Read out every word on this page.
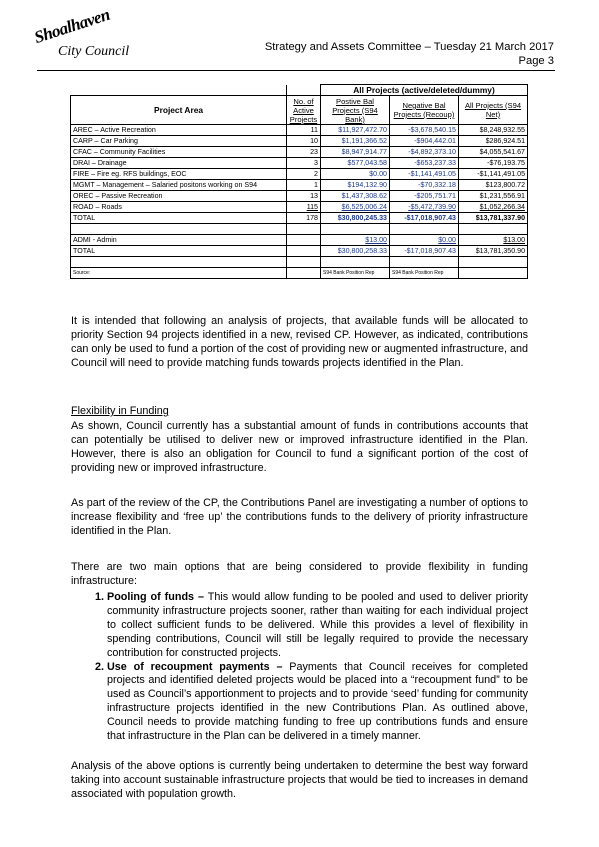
Shoalhaven
City Council	Strategy and Assets Committee – Tuesday 21 March 2017
Page 3
		All Projects (active/deleted/dummy)		
Project Area	No. of Active Projects	Postive Bal Projects (S94 Bank)	Negative Bal Projects (Recoup)	All Projects (S94 Net)
AREC – Active Recreation	11	$11,927,472.70	-$3,678,540.15	$8,248,932.55
CARP – Car Parking	10	$1,191,366.52	-$904,442.01	$286,924.51
CFAC – Community Facilities	23	$8,947,914.77	-$4,892,373.10	$4,055,541.67
DRAI – Drainage	3	$577,043.58	-$653,237.33	-$76,193.75
FIRE – Fire eg. RFS buildings, EOC	2	$0.00	-$1,141,491.05	-$1,141,491.05
MGMT – Management – Salaried positons working on S94	1	$194,132.90	-$70,332.18	$123,800.72
OREC – Passive Recreation	13	$1,437,308.62	-$205,751.71	$1,231,556.91
ROAD – Roads	115	$6,525,006.24	-$5,472,739.90	$1,052,266.34
TOTAL	178	$30,800,245.33	-$17,018,907.43	$13,781,337.90

ADMI - Admin		$13.00	$0.00	$13.00
TOTAL		$30,800,258.33	-$17,018,907.43	$13,781,350.90

Source:		S94 Bank Position Rep	S94 Bank Position Rep	
It is intended that following an analysis of projects, that available funds will be allocated to priority Section 94 projects identified in a new, revised CP. However, as indicated, contributions can only be used to fund a portion of the cost of providing new or augmented infrastructure, and Council will need to provide matching funds towards projects identified in the Plan.
Flexibility in Funding
As shown, Council currently has a substantial amount of funds in contributions accounts that can potentially be utilised to deliver new or improved infrastructure identified in the Plan. However, there is also an obligation for Council to fund a significant portion of the cost of providing new or improved infrastructure.
As part of the review of the CP, the Contributions Panel are investigating a number of options to increase flexibility and ‘free up’ the contributions funds to the delivery of priority infrastructure identified in the Plan.
There are two main options that are being considered to provide flexibility in funding infrastructure:
1. Pooling of funds – This would allow funding to be pooled and used to deliver priority community infrastructure projects sooner, rather than waiting for each individual project to collect sufficient funds to be delivered. While this provides a level of flexibility in spending contributions, Council will still be legally required to provide the necessary contribution for constructed projects.
2. Use of recoupment payments – Payments that Council receives for completed projects and identified deleted projects would be placed into a “recoupment fund” to be used as Council’s apportionment to projects and to provide ‘seed’ funding for community infrastructure projects identified in the new Contributions Plan. As outlined above, Council needs to provide matching funding to free up contributions funds and ensure that infrastructure in the Plan can be delivered in a timely manner.
Analysis of the above options is currently being undertaken to determine the best way forward taking into account sustainable infrastructure projects that would be tied to increases in demand associated with population growth.
